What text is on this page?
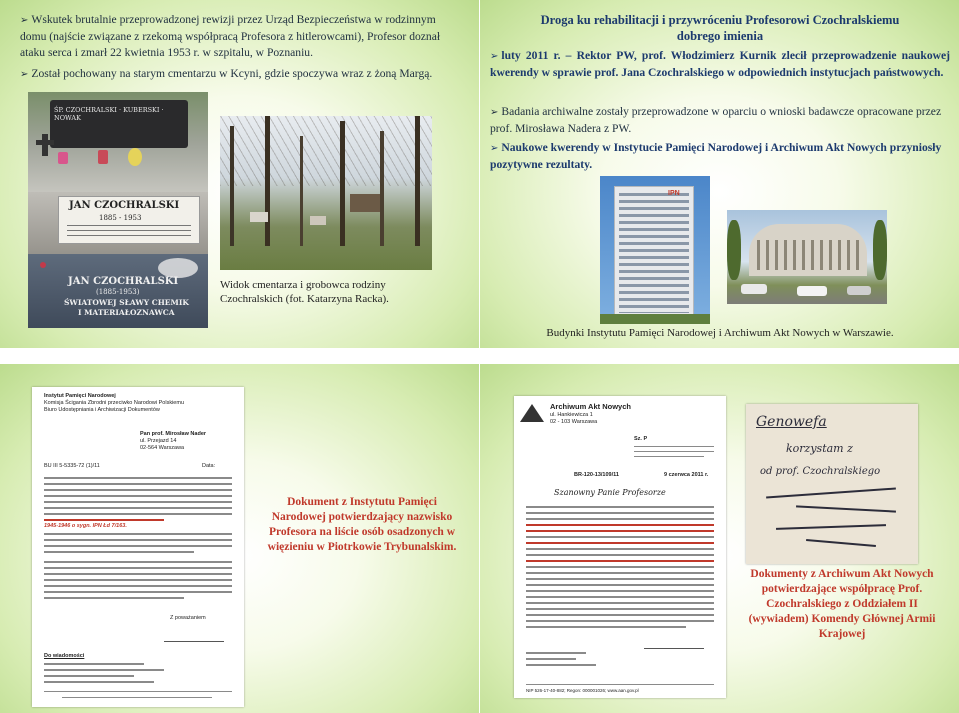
➢ Wskutek brutalnie przeprowadzonej rewizji przez Urząd Bezpieczeństwa w rodzinnym domu (najście związane z rzekomą współpracą Profesora z hitlerowcami), Profesor doznał ataku serca i zmarł 22 kwietnia 1953 r. w szpitalu, w Poznaniu.
➢ Został pochowany na starym cmentarzu w Kcyni, gdzie spoczywa wraz z żoną Margą.
ŚP. CZOCHRALSKI · KUBERSKI · NOWAK
JAN CZOCHRALSKI
1885 - 1953
JAN CZOCHRALSKI
(1885-1953)
ŚWIATOWEJ SŁAWY CHEMIK
I MATERIAŁOZNAWCA
Widok cmentarza i grobowca rodziny Czochralskich (fot. Katarzyna Racka).
Droga ku rehabilitacji i przywróceniu Profesorowi Czochralskiemu dobrego imienia
➢ luty 2011 r. – Rektor PW, prof. Włodzimierz Kurnik zlecił przeprowadzenie naukowej kwerendy w sprawie prof. Jana Czochralskiego w odpowiednich instytucjach państwowych.
➢ Badania archiwalne zostały przeprowadzone w oparciu o wnioski badawcze opracowane przez prof. Mirosława Nadera z PW.
➢ Naukowe kwerendy w Instytucie Pamięci Narodowej i Archiwum Akt Nowych przyniosły pozytywne rezultaty.
IPN
Budynki Instytutu Pamięci Narodowej i Archiwum Akt Nowych w Warszawie.
Instytut Pamięci Narodowej
Komisja Ścigania Zbrodni przeciwko Narodowi Polskiemu
Biuro Udostępniania i Archiwizacji Dokumentów
Pan prof. Mirosław Nader
ul. Przejazd 14
02-564 Warszawa
BU III 5-5335-72 (1)/11	Data:
1945-1946 o sygn. IPN Łd 7/163.
Z poważaniem
Do wiadomości
Dokument z Instytutu Pamięci Narodowej potwierdzający nazwisko Profesora na liście osób osadzonych w więzieniu w Piotrkowie Trybunalskim.
Archiwum Akt Nowych
ul. Hankiewicza 1
02 - 103 Warszawa
Sz. P
BR-120-13/109/11	9 czerwca 2011 r.
Szanowny Panie Profesorze
NIP 526-17-40-882; Regon: 000001026; www.aan.gov.pl
Genowefa
korzystam z
od prof. Czochralskiego
Dokumenty z Archiwum Akt Nowych potwierdzające współpracę Prof. Czochralskiego z Oddziałem II (wywiadem) Komendy Głównej Armii Krajowej
